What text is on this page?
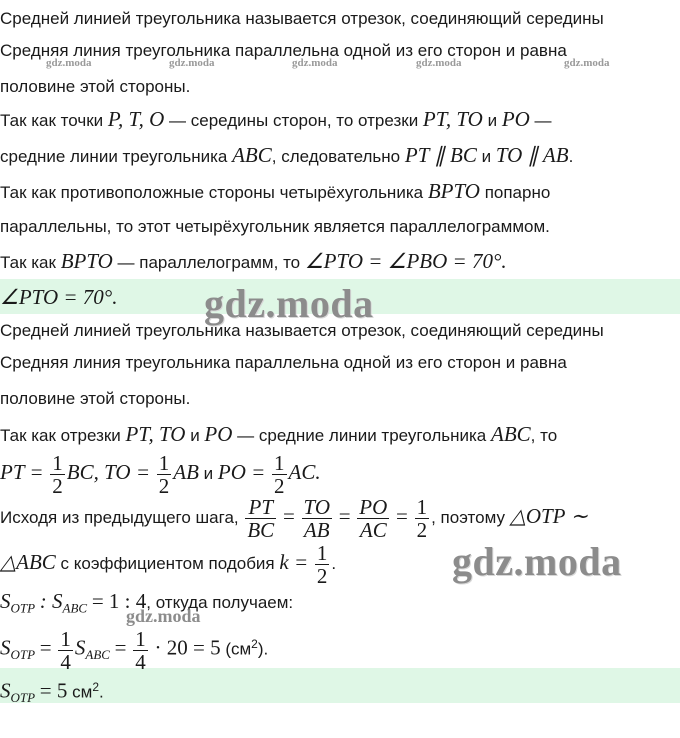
Средней линией треугольника называется отрезок, соединяющий середины
Средняя линия треугольника параллельна одной из его сторон и равна
половине этой стороны.
Так как точки P, T, O — середины сторон, то отрезки PT, TO и PO —
средние линии треугольника ABC, следовательно PT ∥ BC и TO ∥ AB.
Так как противоположные стороны четырёхугольника BPTO попарно
параллельны, то этот четырёхугольник является параллелограммом.
Так как BPTO — параллелограмм, то ∠PTO = ∠PBO = 70°.
∠PTO = 70°.
Средней линией треугольника называется отрезок, соединяющий середины
Средняя линия треугольника параллельна одной из его сторон и равна
половине этой стороны.
Так как отрезки PT, TO и PO — средние линии треугольника ABC, то
PT = $\frac{1}{2}$ BC, TO = $\frac{1}{2}$ AB и PO = $\frac{1}{2}$ AC.
Исходя из предыдущего шага, $\frac{PT}{BC} = \frac{TO}{AB} = \frac{PO}{AC} = \frac{1}{2}$ , поэтому △OTP ∼
△ABC с коэффициентом подобия $k = \frac{1}{2}$ .
$S_{OTP}$ : $S_{ABC} = 1$ : 4, откуда получаем:
$S_{OTP} = \frac{1}{4} S_{ABC} = \frac{1}{4} \cdot 20 = 5$ $(см^2)$.
$S_{OTP} = 5$ $см^2$.
gdz.moda	gdz.moda	gdz.moda	gdz.moda	gdz.moda
gdz.moda
gdz.moda
gdz.moda
